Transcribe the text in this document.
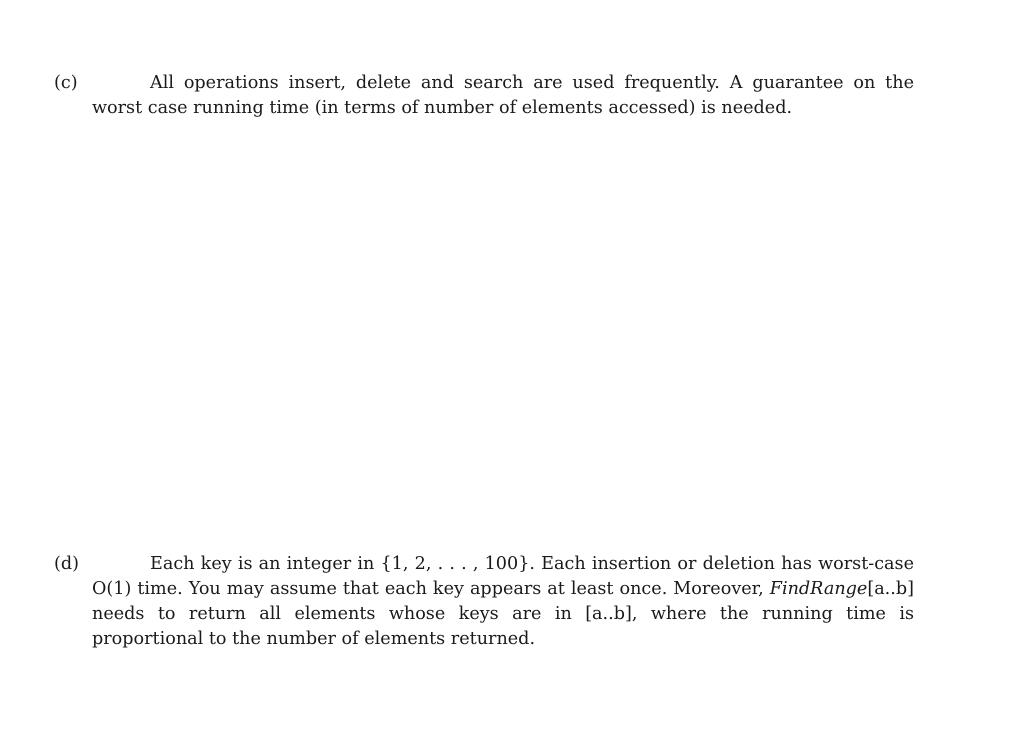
(c)	All operations insert, delete and search are used frequently. A guarantee on the worst case running time (in terms of number of elements accessed) is needed.
(d)	Each key is an integer in {1, 2, . . . , 100}. Each insertion or deletion has worst-case O(1) time. You may assume that each key appears at least once. Moreover, FindRange[a..b] needs to return all elements whose keys are in [a..b], where the running time is proportional to the number of elements returned.
